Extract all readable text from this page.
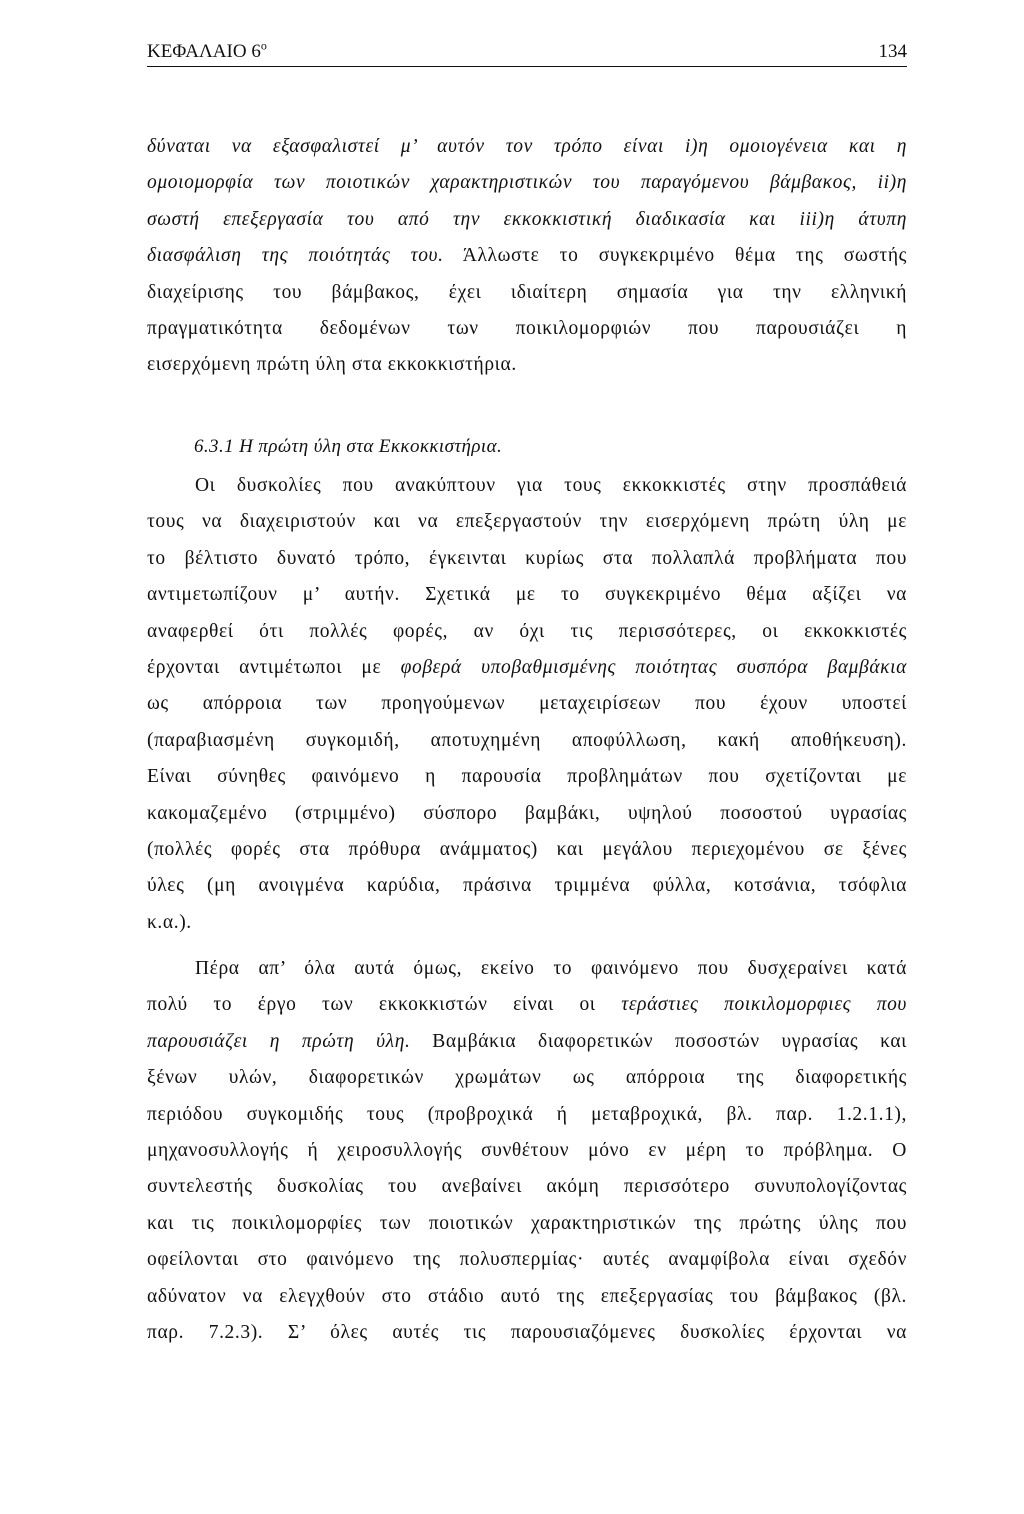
ΚΕΦΑΛΑΙΟ $6^o$	134
δύναται να εξασφαλιστεί μ’ αυτόν τον τρόπο είναι i)η ομοιογένεια και η
ομοιομορφία των ποιοτικών χαρακτηριστικών του παραγόμενου βάμβακος, ii)η
σωστή επεξεργασία του από την εκκοκκιστική διαδικασία και iii)η άτυπη
διασφάλιση της ποιότητάς του. Άλλωστε το συγκεκριμένο θέμα της σωστής
διαχείρισης του βάμβακος, έχει ιδιαίτερη σημασία για την ελληνική
πραγματικότητα δεδομένων των ποικιλομορφιών που παρουσιάζει η
εισερχόμενη πρώτη ύλη στα εκκοκκιστήρια.
6.3.1 Η πρώτη ύλη στα Εκκοκκιστήρια.
Οι δυσκολίες που ανακύπτουν για τους εκκοκκιστές στην προσπάθειά
τους να διαχειριστούν και να επεξεργαστούν την εισερχόμενη πρώτη ύλη με
το βέλτιστο δυνατό τρόπο, έγκεινται κυρίως στα πολλαπλά προβλήματα που
αντιμετωπίζουν μ’ αυτήν. Σχετικά με το συγκεκριμένο θέμα αξίζει να
αναφερθεί ότι πολλές φορές, αν όχι τις περισσότερες, οι εκκοκκιστές
έρχονται αντιμέτωποι με φοβερά υποβαθμισμένης ποιότητας συσπόρα βαμβάκια
ως απόρροια των προηγούμενων μεταχειρίσεων που έχουν υποστεί
(παραβιασμένη συγκομιδή, αποτυχημένη αποφύλλωση, κακή αποθήκευση).
Είναι σύνηθες φαινόμενο η παρουσία προβλημάτων που σχετίζονται με
κακομαζεμένο (στριμμένο) σύσπορο βαμβάκι, υψηλού ποσοστού υγρασίας
(πολλές φορές στα πρόθυρα ανάμματος) και μεγάλου περιεχομένου σε ξένες
ύλες (μη ανοιγμένα καρύδια, πράσινα τριμμένα φύλλα, κοτσάνια, τσόφλια
κ.α.).
Πέρα απ’ όλα αυτά όμως, εκείνο το φαινόμενο που δυσχεραίνει κατά
πολύ το έργο των εκκοκκιστών είναι οι τεράστιες ποικιλομορφιες που
παρουσιάζει η πρώτη ύλη. Βαμβάκια διαφορετικών ποσοστών υγρασίας και
ξένων υλών, διαφορετικών χρωμάτων ως απόρροια της διαφορετικής
περιόδου συγκομιδής τους (προβροχικά ή μεταβροχικά, βλ. παρ. 1.2.1.1),
μηχανοσυλλογής ή χειροσυλλογής συνθέτουν μόνο εν μέρη το πρόβλημα. Ο
συντελεστής δυσκολίας του ανεβαίνει ακόμη περισσότερο συνυπολογίζοντας
και τις ποικιλομορφίες των ποιοτικών χαρακτηριστικών της πρώτης ύλης που
οφείλονται στο φαινόμενο της πολυσπερμίας· αυτές αναμφίβολα είναι σχεδόν
αδύνατον να ελεγχθούν στο στάδιο αυτό της επεξεργασίας του βάμβακος (βλ.
παρ. 7.2.3). Σ’ όλες αυτές τις παρουσιαζόμενες δυσκολίες έρχονται να
